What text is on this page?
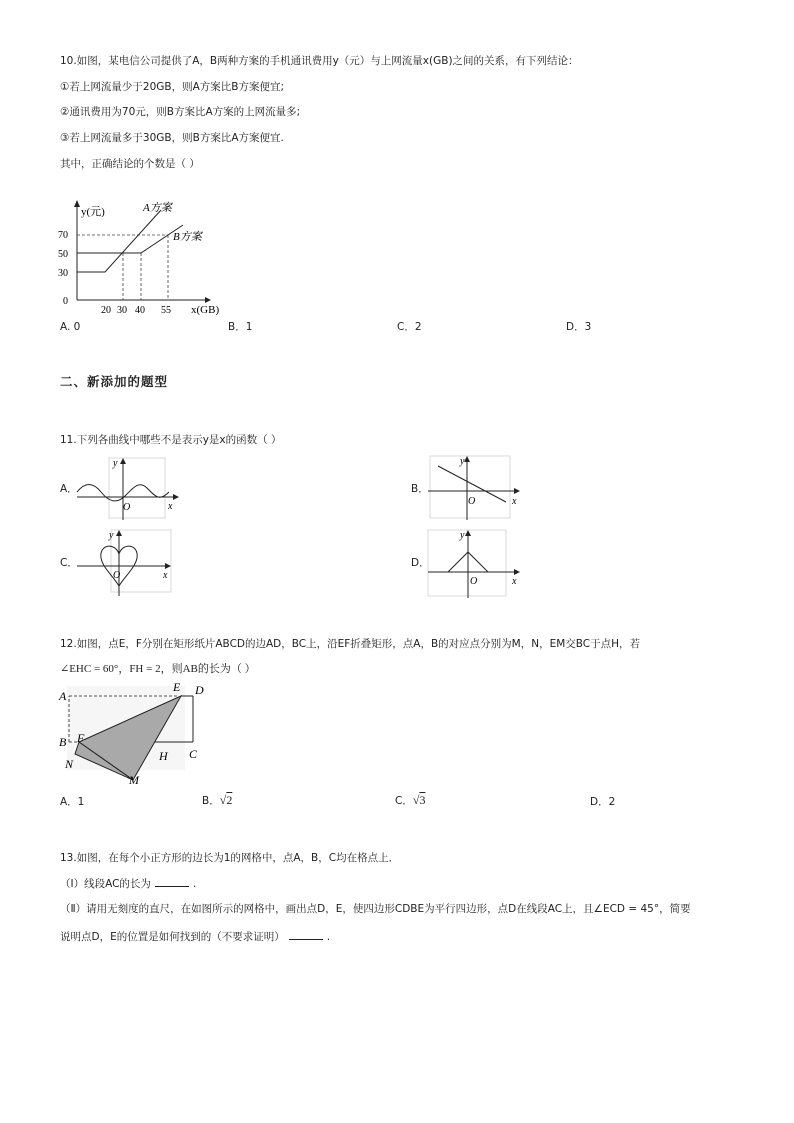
10.如图，某电信公司提供了A，B两种方案的手机通讯费用y（元）与上网流量x(GB)之间的关系，有下列结论：
①若上网流量少于20GB，则A方案比B方案便宜;
②通讯费用为70元，则B方案比A方案的上网流量多;
③若上网流量多于30GB，则B方案比A方案便宜.
其中，正确结论的个数是（ ）
y(元)
x(GB)
0
70
50
30
20 30 40 55
A方案
B方案
A. 0	B．1	C．2	D．3
二、新添加的题型
11.下列各曲线中哪些不是表示y是x的函数（ ）
A．
y
x
O
B．
y
x
O
C．
y
x
O
D．
y
x
O
12.如图，点E，F分别在矩形纸片ABCD的边AD，BC上，沿EF折叠矩形，点A，B的对应点分别为M，N，EM交BC于点H，若
∠EHC = 60°，FH = 2，则AB的长为（ ）
A
B
C
D
E
F
H
M
N
A．1	B．√2	C．√3	D．2
13.如图，在每个小正方形的边长为1的网格中，点A，B，C均在格点上．
（Ⅰ）线段AC的长为	.
（Ⅱ）请用无刻度的直尺，在如图所示的网格中，画出点D，E，使四边形CDBE为平行四边形，点D在线段AC上，且∠ECD = 45°，简要
说明点D，E的位置是如何找到的（不要求证明）	.
